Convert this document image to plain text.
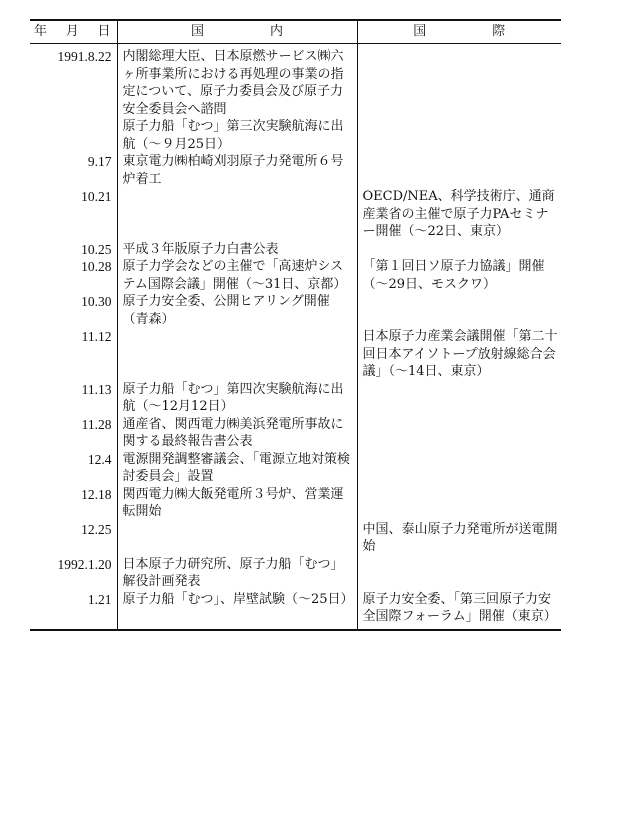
年 月 日	国 内	国 際

1991.8.22	内閣総理大臣、日本原燃サービス㈱六ヶ所事業所における再処理の事業の指定について、原子力委員会及び原子力安全委員会へ諮問	
	原子力船「むつ」第三次実験航海に出航（～９月25日）	
9.17	東京電力㈱柏崎刈羽原子力発電所６号炉着工	
10.21		OECD/NEA、科学技術庁、通商産業省の主催で原子力PAセミナー開催（～22日、東京）
10.25	平成３年版原子力白書公表	
10.28	原子力学会などの主催で「高速炉システム国際会議」開催（～31日、京都）	「第１回日ソ原子力協議」開催（～29日、モスクワ）
10.30	原子力安全委、公開ヒアリング開催（青森）	
11.12		日本原子力産業会議開催「第二十回日本アイソトープ放射線総合会議」（～14日、東京）
11.13	原子力船「むつ」第四次実験航海に出航（～12月12日）	
11.28	通産省、関西電力㈱美浜発電所事故に関する最終報告書公表	
12.4	電源開発調整審議会、「電源立地対策検討委員会」設置	
12.18	関西電力㈱大飯発電所３号炉、営業運転開始	
12.25		中国、泰山原子力発電所が送電開始
1992.1.20	日本原子力研究所、原子力船「むつ」解役計画発表	
1.21	原子力船「むつ」、岸壁試験（～25日）	原子力安全委、「第三回原子力安全国際フォーラム」開催（東京）
